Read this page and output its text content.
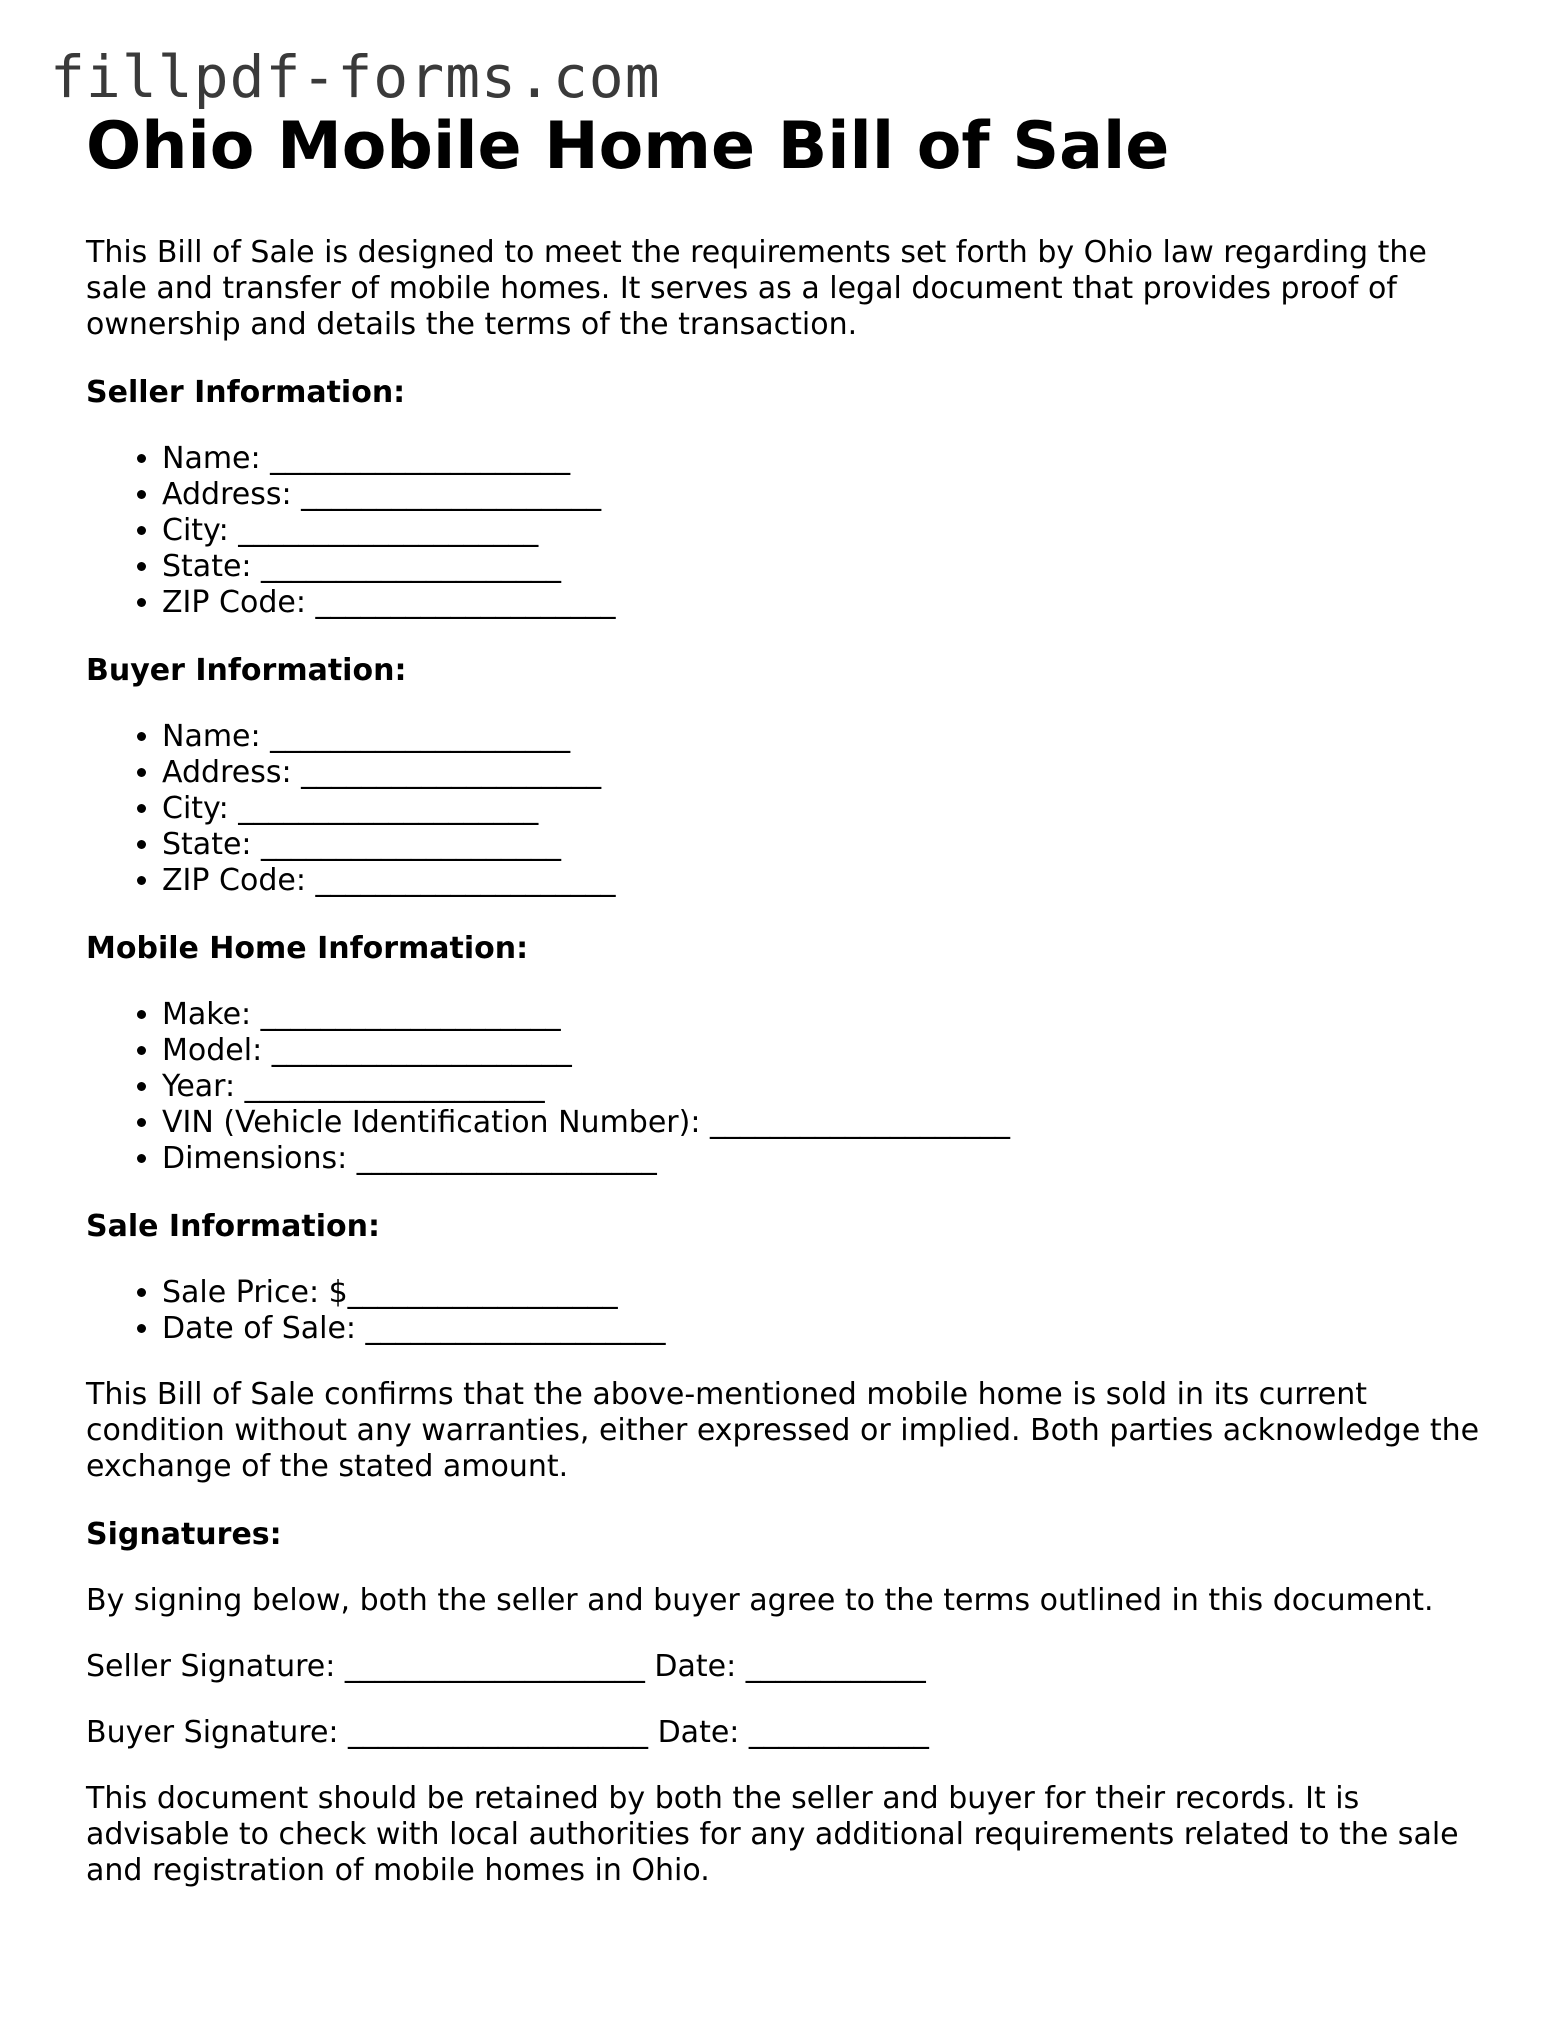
fillpdf-forms.com
Ohio Mobile Home Bill of Sale

This Bill of Sale is designed to meet the requirements set forth by Ohio law regarding the sale and transfer of mobile homes. It serves as a legal document that provides proof of ownership and details the terms of the transaction.

Seller Information:
• Name: ____________________
• Address: ____________________
• City: ____________________
• State: ____________________
• ZIP Code: ____________________
Buyer Information:
• Name: ____________________
• Address: ____________________
• City: ____________________
• State: ____________________
• ZIP Code: ____________________
Mobile Home Information:
• Make: ____________________
• Model: ____________________
• Year: ____________________
• VIN (Vehicle Identification Number): ____________________
• Dimensions: ____________________
Sale Information:
• Sale Price: $__________________
• Date of Sale: ____________________

This Bill of Sale confirms that the above-mentioned mobile home is sold in its current condition without any warranties, either expressed or implied. Both parties acknowledge the exchange of the stated amount.

Signatures:

By signing below, both the seller and buyer agree to the terms outlined in this document.

Seller Signature: ____________________ Date: ____________

Buyer Signature: ____________________ Date: ____________

This document should be retained by both the seller and buyer for their records. It is advisable to check with local authorities for any additional requirements related to the sale and registration of mobile homes in Ohio.
